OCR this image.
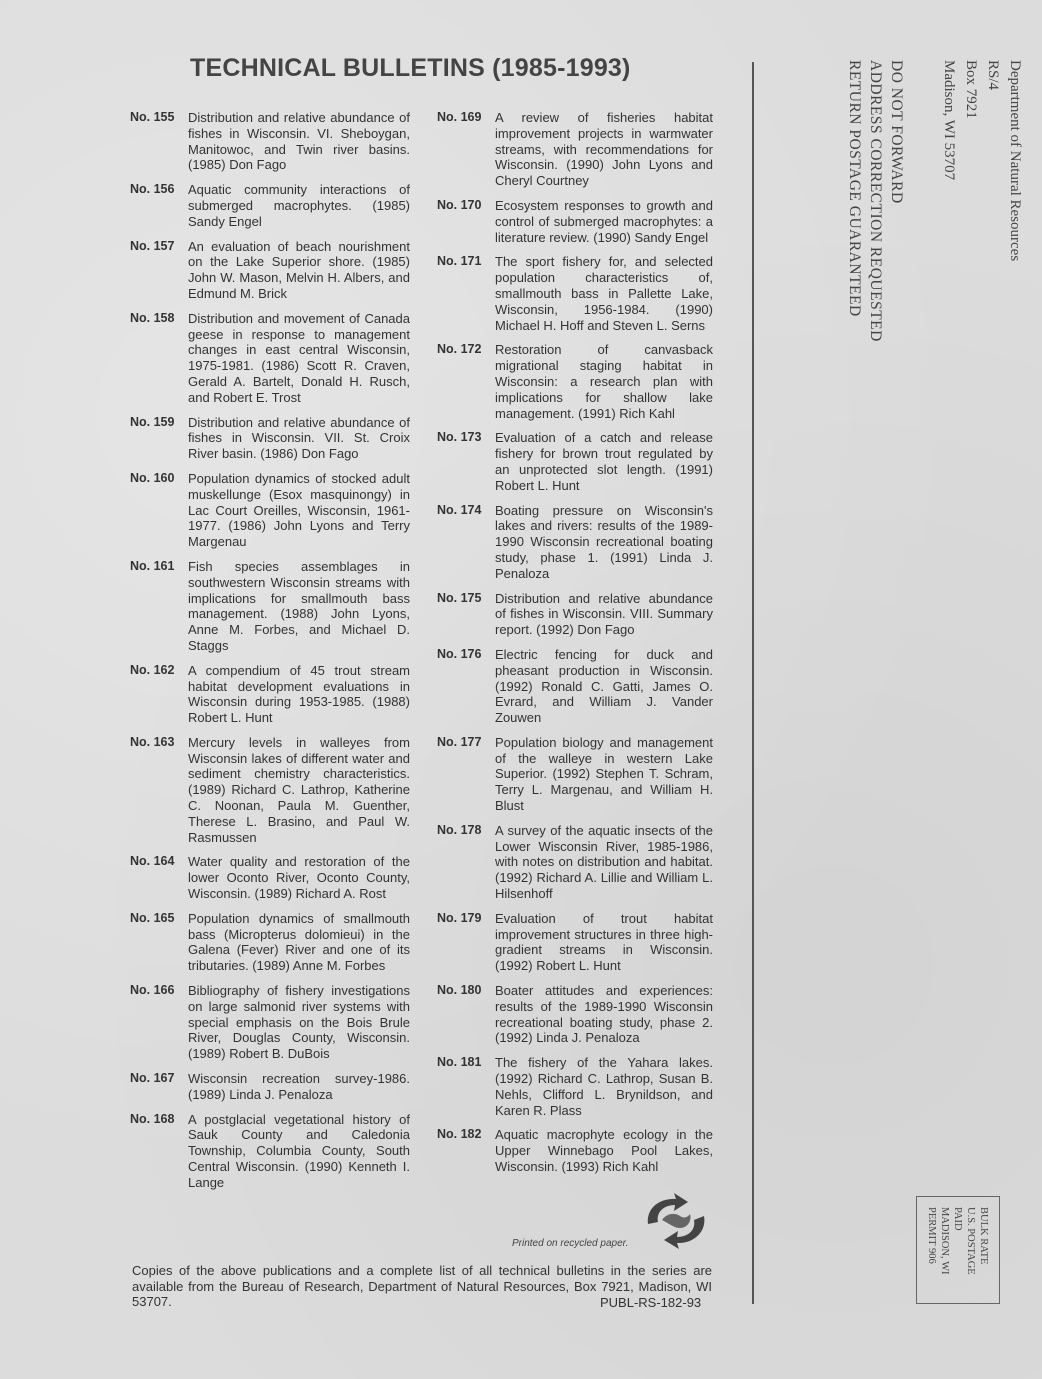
TECHNICAL BULLETINS (1985-1993)
No. 155	Distribution and relative abundance of fishes in Wisconsin. VI. Sheboygan, Manitowoc, and Twin river basins. (1985) Don Fago
No. 156	Aquatic community interactions of submerged macrophytes. (1985) Sandy Engel
No. 157	An evaluation of beach nourishment on the Lake Superior shore. (1985) John W. Mason, Melvin H. Albers, and Edmund M. Brick
No. 158	Distribution and movement of Canada geese in response to management changes in east central Wisconsin, 1975-1981. (1986) Scott R. Craven, Gerald A. Bartelt, Donald H. Rusch, and Robert E. Trost
No. 159	Distribution and relative abundance of fishes in Wisconsin. VII. St. Croix River basin. (1986) Don Fago
No. 160	Population dynamics of stocked adult muskellunge (Esox masquinongy) in Lac Court Oreilles, Wisconsin, 1961-1977. (1986) John Lyons and Terry Margenau
No. 161	Fish species assemblages in southwestern Wisconsin streams with implications for smallmouth bass management. (1988) John Lyons, Anne M. Forbes, and Michael D. Staggs
No. 162	A compendium of 45 trout stream habitat development evaluations in Wisconsin during 1953-1985. (1988) Robert L. Hunt
No. 163	Mercury levels in walleyes from Wisconsin lakes of different water and sediment chemistry characteristics. (1989) Richard C. Lathrop, Katherine C. Noonan, Paula M. Guenther, Therese L. Brasino, and Paul W. Rasmussen
No. 164	Water quality and restoration of the lower Oconto River, Oconto County, Wisconsin. (1989) Richard A. Rost
No. 165	Population dynamics of smallmouth bass (Micropterus dolomieui) in the Galena (Fever) River and one of its tributaries. (1989) Anne M. Forbes
No. 166	Bibliography of fishery investigations on large salmonid river systems with special emphasis on the Bois Brule River, Douglas County, Wisconsin. (1989) Robert B. DuBois
No. 167	Wisconsin recreation survey-1986. (1989) Linda J. Penaloza
No. 168	A postglacial vegetational history of Sauk County and Caledonia Township, Columbia County, South Central Wisconsin. (1990) Kenneth I. Lange
No. 169	A review of fisheries habitat improvement projects in warmwater streams, with recommendations for Wisconsin. (1990) John Lyons and Cheryl Courtney
No. 170	Ecosystem responses to growth and control of submerged macrophytes: a literature review. (1990) Sandy Engel
No. 171	The sport fishery for, and selected population characteristics of, smallmouth bass in Pallette Lake, Wisconsin, 1956-1984. (1990) Michael H. Hoff and Steven L. Serns
No. 172	Restoration of canvasback migrational staging habitat in Wisconsin: a research plan with implications for shallow lake management. (1991) Rich Kahl
No. 173	Evaluation of a catch and release fishery for brown trout regulated by an unprotected slot length. (1991) Robert L. Hunt
No. 174	Boating pressure on Wisconsin's lakes and rivers: results of the 1989-1990 Wisconsin recreational boating study, phase 1. (1991) Linda J. Penaloza
No. 175	Distribution and relative abundance of fishes in Wisconsin. VIII. Summary report. (1992) Don Fago
No. 176	Electric fencing for duck and pheasant production in Wisconsin. (1992) Ronald C. Gatti, James O. Evrard, and William J. Vander Zouwen
No. 177	Population biology and management of the walleye in western Lake Superior. (1992) Stephen T. Schram, Terry L. Margenau, and William H. Blust
No. 178	A survey of the aquatic insects of the Lower Wisconsin River, 1985-1986, with notes on distribution and habitat. (1992) Richard A. Lillie and William L. Hilsenhoff
No. 179	Evaluation of trout habitat improvement structures in three high-gradient streams in Wisconsin. (1992) Robert L. Hunt
No. 180	Boater attitudes and experiences: results of the 1989-1990 Wisconsin recreational boating study, phase 2. (1992) Linda J. Penaloza
No. 181	The fishery of the Yahara lakes. (1992) Richard C. Lathrop, Susan B. Nehls, Clifford L. Brynildson, and Karen R. Plass
No. 182	Aquatic macrophyte ecology in the Upper Winnebago Pool Lakes, Wisconsin. (1993) Rich Kahl
Printed on recycled paper.
Copies of the above publications and a complete list of all technical bulletins in the series are available from the Bureau of Research, Department of Natural Resources, Box 7921, Madison, WI 53707.	PUBL-RS-182-93
Department of Natural Resources
RS/4
Box 7921
Madison, WI 53707
DO NOT FORWARD
ADDRESS CORRECTION REQUESTED
RETURN POSTAGE GUARANTEED
BULK RATE
U.S. POSTAGE
PAID
MADISON, WI
PERMIT 906
